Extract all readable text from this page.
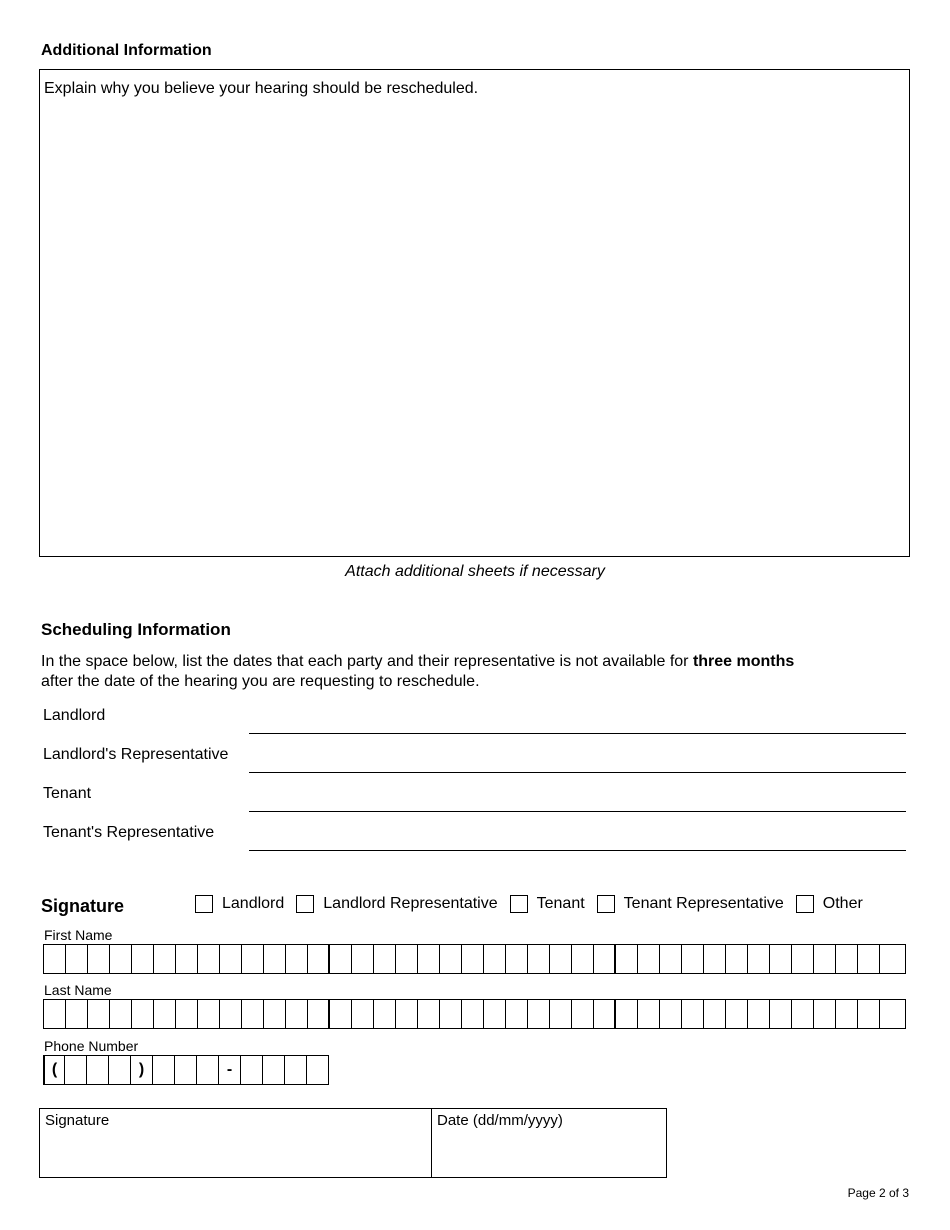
Additional Information
Explain why you believe your hearing should be rescheduled.
Attach additional sheets if necessary
Scheduling Information
In the space below, list the dates that each party and their representative is not available for three months
after the date of the hearing you are requesting to reschedule.
Landlord
Landlord's Representative
Tenant
Tenant's Representative
Signature	Landlord Landlord Representative Tenant Tenant Representative Other
First Name
Last Name
Phone Number
(	)	-
Signature	Date (dd/mm/yyyy)
Page 2 of 3
